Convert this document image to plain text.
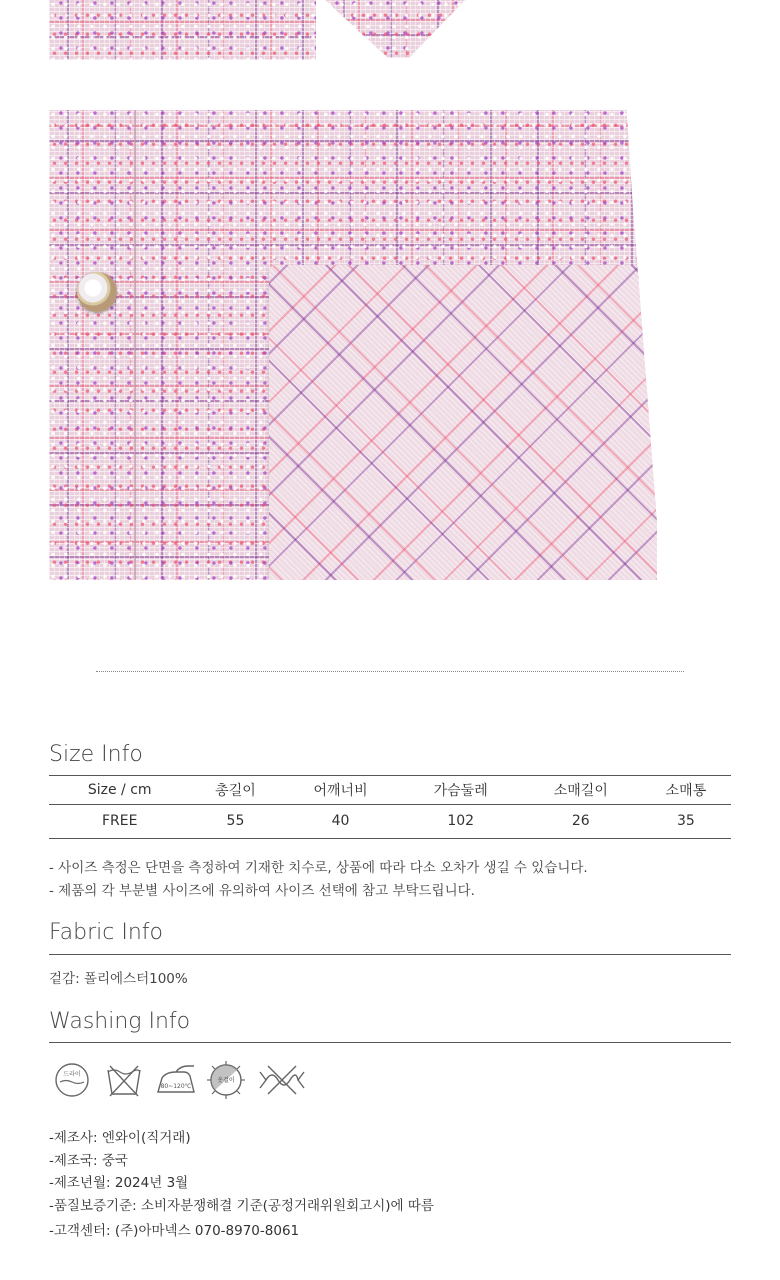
Size Info
Size / cm	총길이	어깨너비	가슴둘레	소매길이	소매통
FREE	55	40	102	26	35
- 사이즈 측정은 단면을 측정하여 기재한 치수로, 상품에 따라 다소 오차가 생길 수 있습니다.
- 제품의 각 부분별 사이즈에 유의하여 사이즈 선택에 참고 부탁드립니다.
Fabric Info
겉감: 폴리에스터100%
Washing Info
드라이
80~120℃
옷걸이
-제조사: 엔와이(직거래)
-제조국: 중국
-제조년월: 2024년 3월
-품질보증기준: 소비자분쟁해결 기준(공정거래위원회고시)에 따름
-고객센터: (주)아마넥스 070-8970-8061
